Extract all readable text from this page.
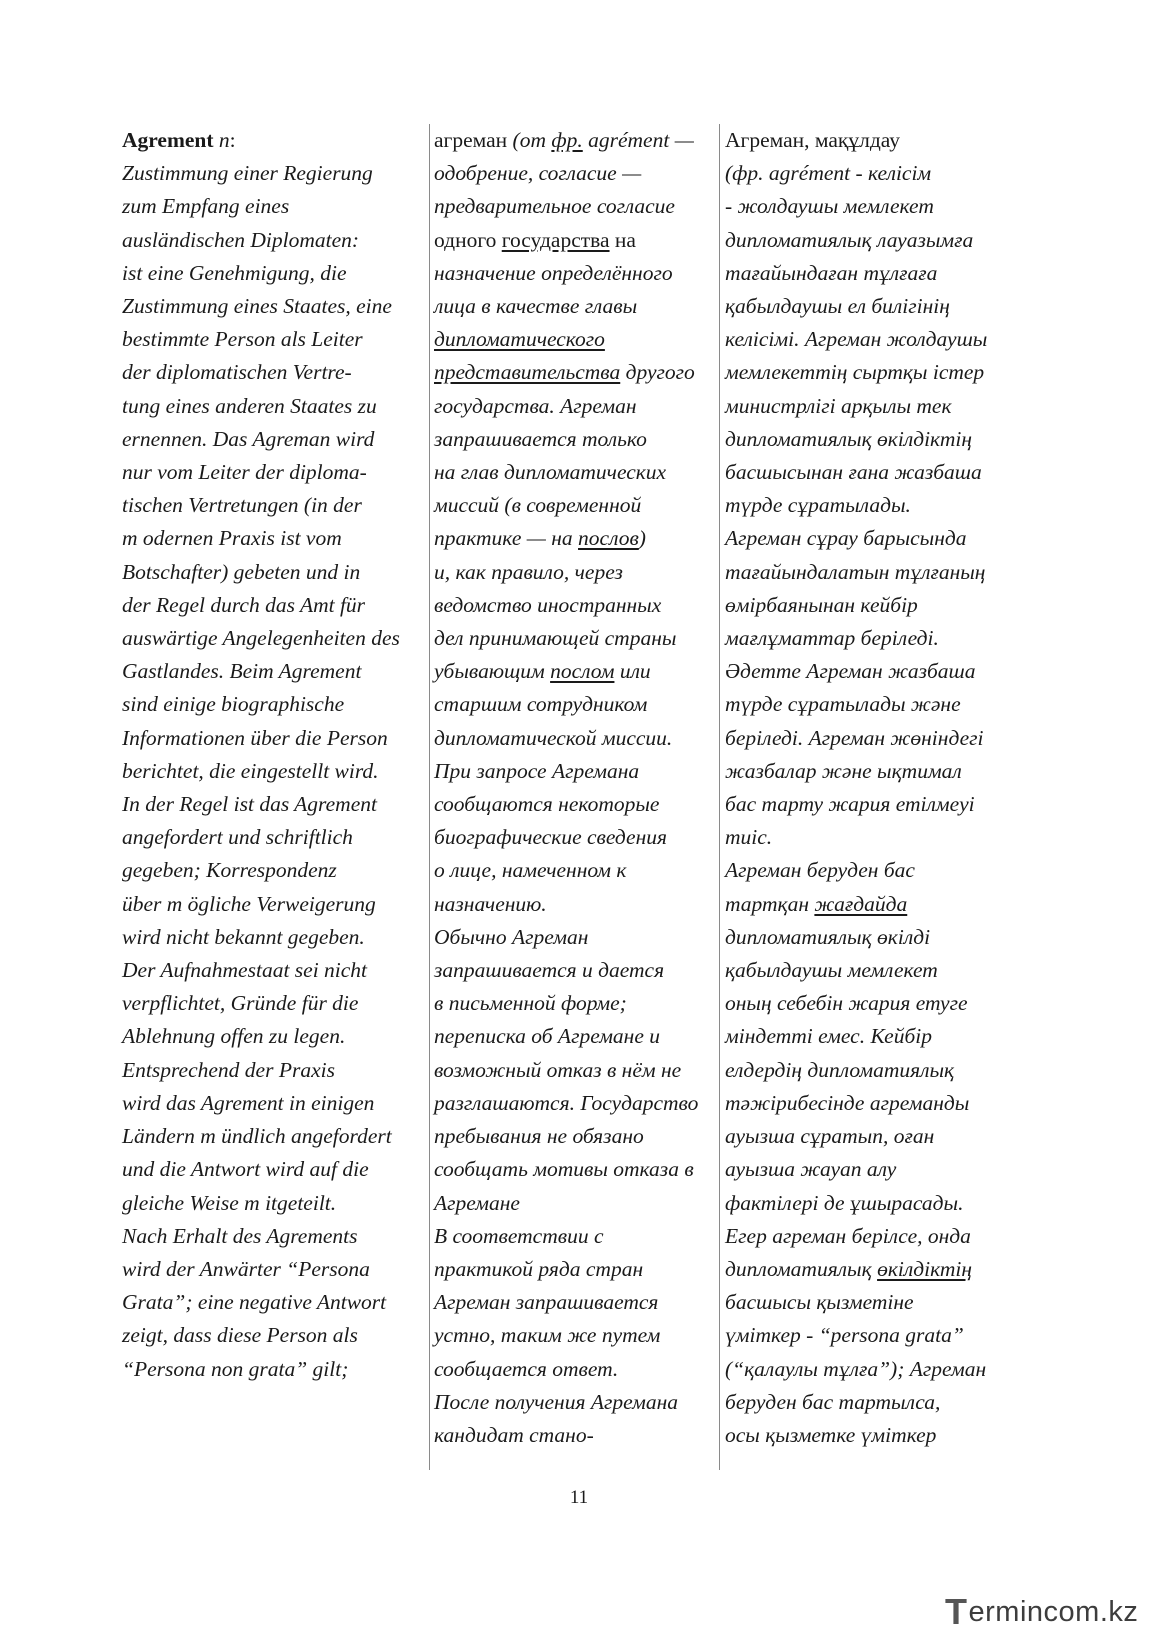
Agrement n:
Zustimmung einer Regierung
zum Empfang eines
ausländischen Diplomaten:
ist eine Genehmigung, die
Zustimmung eines Staates, eine
bestimmte Person als Leiter
der diplomatischen Vertre-
tung eines anderen Staates zu
ernennen. Das Agreman wird
nur vom Leiter der diploma-
tischen Vertretungen (in der
m odernen Praxis ist vom
Botschafter) gebeten und in
der Regel durch das Amt für
auswärtige Angelegenheiten des
Gastlandes. Beim Agrement
sind einige biographische
Informationen über die Person
berichtet, die eingestellt wird.
In der Regel ist das Agrement
angefordert und schriftlich
gegeben; Korrespondenz
über m ögliche Verweigerung
wird nicht bekannt gegeben.
Der Aufnahmestaat sei nicht
verpflichtet, Gründe für die
Ablehnung offen zu legen.
Entsprechend der Praxis
wird das Agrement in einigen
Ländern m ündlich angefordert
und die Antwort wird auf die
gleiche Weise m itgeteilt.
Nach Erhalt des Agrements
wird der Anwärter “Persona
Grata”; eine negative Antwort
zeigt, dass diese Person als
“Persona non grata” gilt;
агреман (от фр. agrément —
одобрение, согласие —
предварительное согласие
одного государства на
назначение определённого
лица в качестве главы
дипломатического
представительства другого
государства. Агреман
запрашивается только
на глав дипломатических
миссий (в современной
практике — на послов)
и, как правило, через
ведомство иностранных
дел принимающей страны
убывающим послом или
старшим сотрудником
дипломатической миссии.
При запросе Агремана
сообщаются некоторые
биографические сведения
о лице, намеченном к
назначению.
Обычно Агреман
запрашивается и дается
в письменной форме;
переписка об Агремане и
возможный отказ в нём не
разглашаются. Государство
пребывания не обязано
сообщать мотивы отказа в
Агремане
В соответствии с
практикой ряда стран
Агреман запрашивается
устно, таким же путем
сообщается ответ.
После получения Агремана
кандидат стано-
Агреман, мақұлдау
(фр. agrément - келісім
- жолдаушы мемлекет
дипломатиялық лауазымға
тағайындаған тұлғаға
қабылдаушы ел билігінің
келісімі. Агреман жолдаушы
мемлекеттің сыртқы істер
министрлігі арқылы тек
дипломатиялық өкілдіктің
басшысынан ғана жазбаша
түрде сұратылады.
Агреман сұрау барысында
тағайындалатын тұлғаның
өмірбаянынан кейбір
мағлұматтар беріледі.
Әдетте Агреман жазбаша
түрде сұратылады және
беріледі. Агреман жөніндегі
жазбалар және ықтимал
бас тарту жария етілмеуі
тиіс.
Агреман беруден бас
тартқан жағдайда
дипломатиялық өкілді
қабылдаушы мемлекет
оның себебін жария етуге
міндетті емес. Кейбір
елдердің дипломатиялық
тәжірибесінде агреманды
ауызша сұратып, оған
ауызша жауап алу
фактілері де ұшырасады.
Егер агреман берілсе, онда
дипломатиялық өкілдіктің
басшысы қызметіне
үміткер - “persona grata”
(“қалаулы тұлға”); Агреман
беруден бас тартылса,
осы қызметке үміткер
11
T ermincо m.kz
